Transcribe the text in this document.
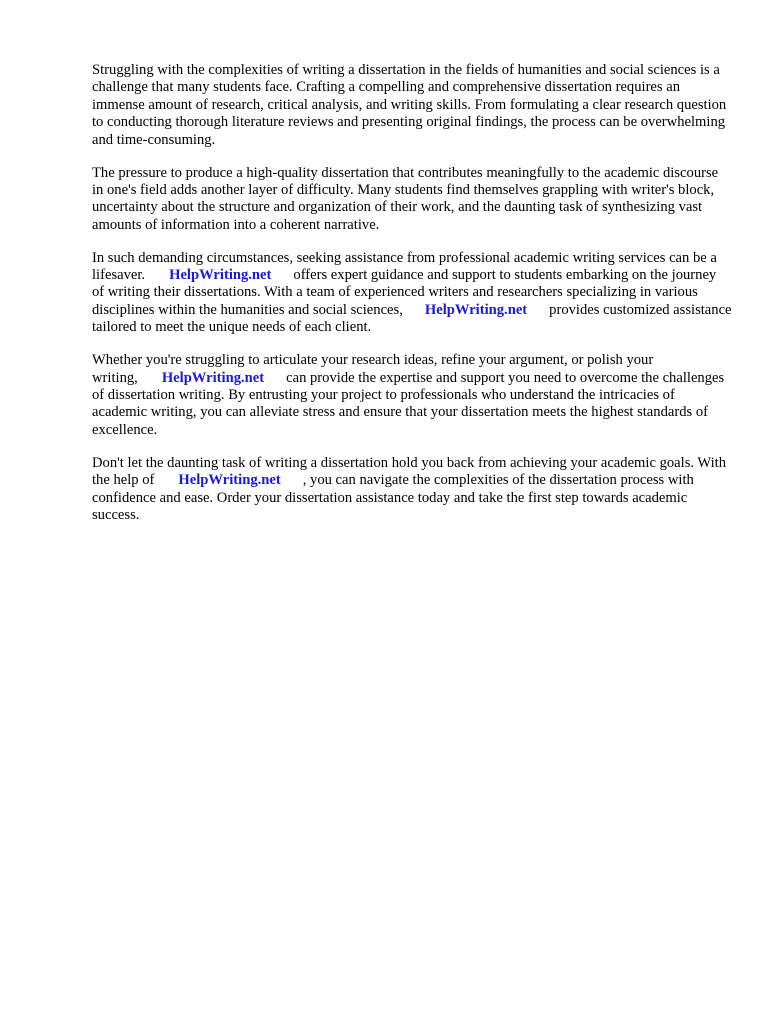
Struggling with the complexities of writing a dissertation in the fields of humanities and social sciences is a challenge that many students face. Crafting a compelling and comprehensive dissertation requires an immense amount of research, critical analysis, and writing skills. From formulating a clear research question to conducting thorough literature reviews and presenting original findings, the process can be overwhelming and time-consuming.

The pressure to produce a high-quality dissertation that contributes meaningfully to the academic discourse in one's field adds another layer of difficulty. Many students find themselves grappling with writer's block, uncertainty about the structure and organization of their work, and the daunting task of synthesizing vast amounts of information into a coherent narrative.

In such demanding circumstances, seeking assistance from professional academic writing services can be a lifesaver. HelpWriting.net offers expert guidance and support to students embarking on the journey of writing their dissertations. With a team of experienced writers and researchers specializing in various disciplines within the humanities and social sciences, HelpWriting.net provides customized assistance tailored to meet the unique needs of each client.

Whether you're struggling to articulate your research ideas, refine your argument, or polish your writing, HelpWriting.net can provide the expertise and support you need to overcome the challenges of dissertation writing. By entrusting your project to professionals who understand the intricacies of academic writing, you can alleviate stress and ensure that your dissertation meets the highest standards of excellence.

Don't let the daunting task of writing a dissertation hold you back from achieving your academic goals. With the help of HelpWriting.net , you can navigate the complexities of the dissertation process with confidence and ease. Order your dissertation assistance today and take the first step towards academic success.
